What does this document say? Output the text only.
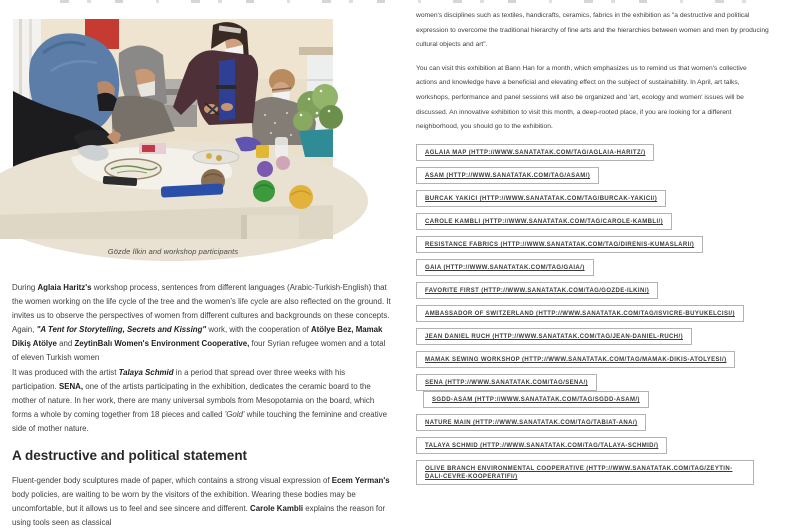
Gözde İlkin and workshop participants

During Aglaia Haritz's workshop process, sentences from different languages (Arabic-Turkish-English) that the women working on the life cycle of the tree and the women's life cycle are also reflected on the ground. It invites us to observe the perspectives of women from different cultures and backgrounds on these concepts. Again, "A Tent for Storytelling, Secrets and Kissing" work, with the cooperation of Atölye Bez, Mamak Dikiş Atölye and ZeytinBalı Women's Environment Cooperative, four Syrian refugee women and a total of eleven Turkish women
It was produced with the artist Talaya Schmid in a period that spread over three weeks with his participation. SENA, one of the artists participating in the exhibition, dedicates the ceramic board to the mother of nature. In her work, there are many universal symbols from Mesopotamia on the board, which forms a whole by coming together from 18 pieces and called 'Gold' while touching the feminine and creative side of mother nature.

A destructive and political statement

Fluent-gender body sculptures made of paper, which contains a strong visual expression of Ecem Yerman's body policies, are waiting to be worn by the visitors of the exhibition. Wearing these bodies may be uncomfortable, but it allows us to feel and see sincere and different. Carole Kambli explains the reason for using tools seen as classical

women's disciplines such as textiles, handicrafts, ceramics, fabrics in the exhibition as "a destructive and political expression to overcome the traditional hierarchy of fine arts and the hierarchies between women and men by producing cultural objects and art".

You can visit this exhibition at Bann Han for a month, which emphasizes us to remind us that women's collective actions and knowledge have a beneficial and elevating effect on the subject of sustainability. In April, art talks, workshops, performance and panel sessions will also be organized and 'art, ecology and women' issues will be discussed. An innovative exhibition to visit this month, a deep-rooted place, if you are looking for a different neighborhood, you should go to the exhibition.

AGLAIA MAP (HTTP://WWW.SANATATAK.COM/TAG/AGLAIA-HARITZ/)
ASAM (HTTP://WWW.SANATATAK.COM/TAG/ASAM/)
BURCAK YAKICI (HTTP://WWW.SANATATAK.COM/TAG/BURCAK-YAKICI/)
CAROLE KAMBLI (HTTP://WWW.SANATATAK.COM/TAG/CAROLE-KAMBLI/)
RESISTANCE FABRICS (HTTP://WWW.SANATATAK.COM/TAG/DIRENIS-KUMASLARI/)
GAIA (HTTP://WWW.SANATATAK.COM/TAG/GAIA/)
FAVORITE FIRST (HTTP://WWW.SANATATAK.COM/TAG/GOZDE-ILKIN/)
AMBASSADOR OF SWITZERLAND (HTTP://WWW.SANATATAK.COM/TAG/ISVICRE-BUYUKELCISI/)
JEAN DANIEL RUCH (HTTP://WWW.SANATATAK.COM/TAG/JEAN-DANIEL-RUCH/)
MAMAK SEWING WORKSHOP (HTTP://WWW.SANATATAK.COM/TAG/MAMAK-DIKIS-ATOLYESI/)
SENA (HTTP://WWW.SANATATAK.COM/TAG/SENA/) SGDD-ASAM (HTTP://WWW.SANATATAK.COM/TAG/SGDD-ASAM/)
NATURE MAIN (HTTP://WWW.SANATATAK.COM/TAG/TABIAT-ANA/)
TALAYA SCHMID (HTTP://WWW.SANATATAK.COM/TAG/TALAYA-SCHMID/)
OLIVE BRANCH ENVIRONMENTAL COOPERATIVE (HTTP://WWW.SANATATAK.COM/TAG/ZEYTIN-DALI-CEVRE-KOOPERATIFI/)
